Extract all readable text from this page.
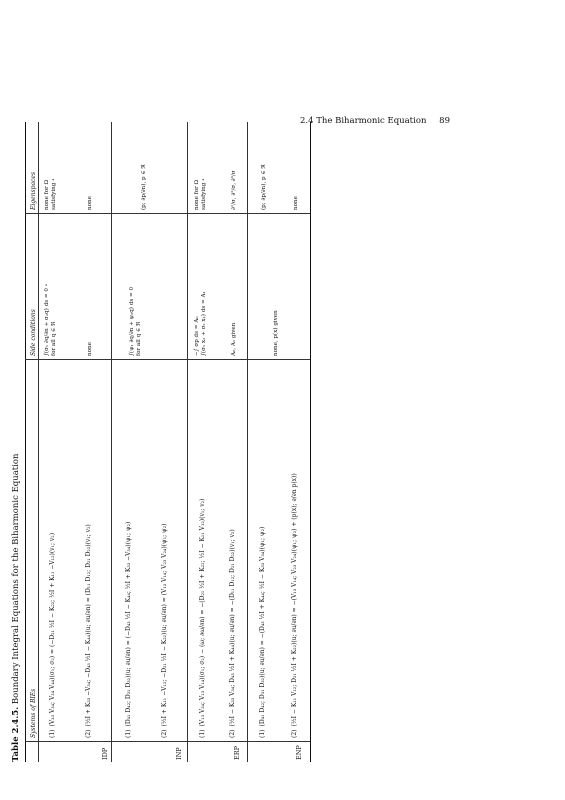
2.4 The Biharmonic Equation 89
Table 2.4.5. Boundary Integral Equations for the Biharmonic Equation
Systems of BIEs
Side conditions
Eigenspaces
IDP
(1)(V₃₃ V₃₄; V₃₄ V₄₄)(σ₁; σ₂) = (−D₂₁ ½I − K₂₂; ½I + K₁₁ −V₁₂)(v₁; v₂)
∫(σ₁ ∂q/∂n + σ₂q) ds = 0 ∘ for all q ∈ ℜ
none for Ω satisfying ∘
(2)(½I + K₃₃ −V₃₄; −D₄₃ ½I − K₄₄)(u; ∂u/∂n) = (D₁₁ D₁₂; D₂₁ D₂₂)(v₁; v₂)
none
none
INP
(1)(D₄₁ D₄₂; D₃₁ D₃₂)(u; ∂u/∂n) = (−D₄₃ ½I − K₄₄; ½I + K₃₃ −V₃₄)(ψ₁; ψ₂)
∫(ψ₁ ∂q/∂n + ψ₂q) ds = 0 for all q ∈ ℜ
(p; ∂p/∂n), p ∈ ℜ
(2)(½I + K₁₁ −V₁₂; −D₂₁ ½I − K₂₂)(u; ∂u/∂n) = (V₁₃ V₁₄; V₂₃ V₂₄)(ψ₁; ψ₂)
ERP
(1)(V₁₃ V₃₄; V₁₃ V₁₄)(σ₁; σ₂) − (ω; ∂ω/∂n) = −(D₂₁ ½I + K₂₂; ½I − K₁₁ V₁₂)(v₁; v₂)
−∫ σp ds = A₀ ∫(σ₁ x₂ + σ₂ x₁) ds = A₁
none for Ω satisfying ∘
(2)(½I − K₃₃ V₃₄; D₄₃ ½I + K₄₄)(u; ∂u/∂n) = −(D₁₁ D₁₂; D₂₁ D₂₂)(v₁; v₂)
A₀, A₁ given
∂¹/σ, ∂²/σ, ∂³/σ
ENP
(1)(D₄₁ D₄₂; D₃₁ D₃₂)(u; ∂u/∂n) = −(D₄₃ ½I + K₄₄; ½I − K₃₃ V₃₄)(ψ₁; ψ₂)
none, p(x) given
(p; ∂p/∂n), p ∈ ℜ
(2)(½I − K₁₁ V₁₂; D₂₁ ½I + K₂₂)(u; ∂u/∂n) = −(V₁₃ V₁₄; V₂₃ V₂₄)(ψ₁; ψ₂) + (p(x); ∂/∂n p(x))
none
